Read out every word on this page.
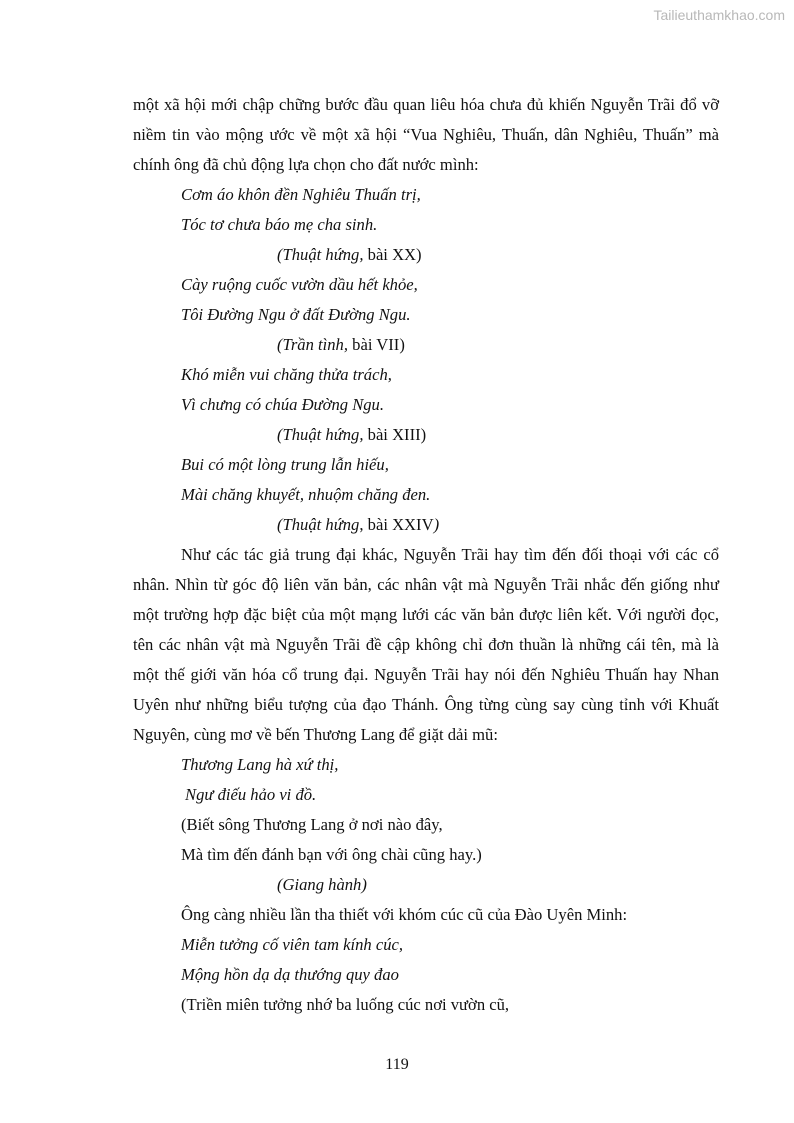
Tailieuthamkhao.com

một xã hội mới chập chững bước đầu quan liêu hóa chưa đủ khiến Nguyễn Trãi đổ vỡ niềm tin vào mộng ước về một xã hội “Vua Nghiêu, Thuấn, dân Nghiêu, Thuấn” mà chính ông đã chủ động lựa chọn cho đất nước mình:

Cơm áo khôn đền Nghiêu Thuấn trị,

Tóc tơ chưa báo mẹ cha sinh.

(Thuật hứng, bài XX)

Cày ruộng cuốc vườn dầu hết khỏe,

Tôi Đường Ngu ở đất Đường Ngu.

(Trần tình, bài VII)

Khó miễn vui chăng thửa trách,

Vì chưng có chúa Đường Ngu.

(Thuật hứng, bài XIII)

Bui có một lòng trung lẫn hiếu,

Mài chăng khuyết, nhuộm chăng đen.

(Thuật hứng, bài XXIV)

Như các tác giả trung đại khác, Nguyễn Trãi hay tìm đến đối thoại với các cổ nhân. Nhìn từ góc độ liên văn bản, các nhân vật mà Nguyễn Trãi nhắc đến giống như một trường hợp đặc biệt của một mạng lưới các văn bản được liên kết. Với người đọc, tên các nhân vật mà Nguyễn Trãi đề cập không chỉ đơn thuần là những cái tên, mà là một thế giới văn hóa cổ trung đại. Nguyễn Trãi hay nói đến Nghiêu Thuấn hay Nhan Uyên như những biểu tượng của đạo Thánh. Ông từng cùng say cùng tỉnh với Khuất Nguyên, cùng mơ về bến Thương Lang để giặt dải mũ:

Thương Lang hà xứ thị,

Ngư điếu hảo vi đồ.

(Biết sông Thương Lang ở nơi nào đây,

Mà tìm đến đánh bạn với ông chài cũng hay.)

(Giang hành)

Ông càng nhiều lần tha thiết với khóm cúc cũ của Đào Uyên Minh:

Miễn tưởng cố viên tam kính cúc,

Mộng hồn dạ dạ thướng quy đao

(Triền miên tưởng nhớ ba luống cúc nơi vườn cũ,

119
